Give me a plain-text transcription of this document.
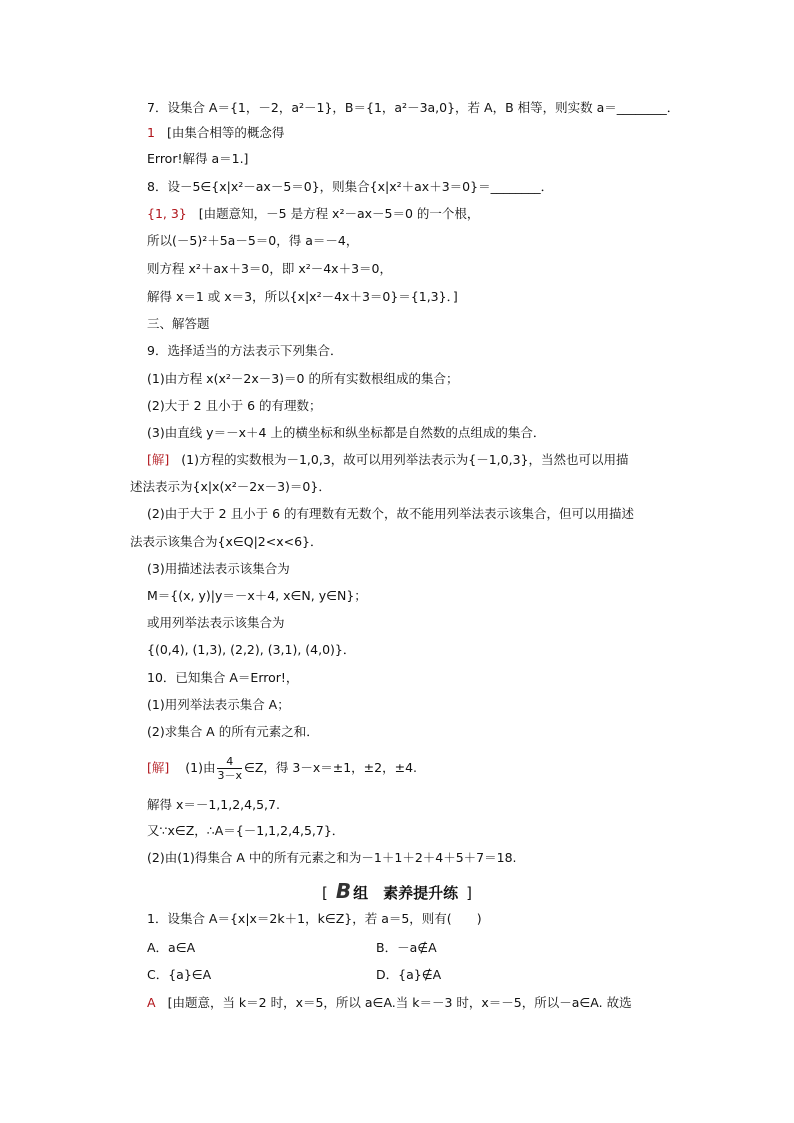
[解] (1)由 $\frac{4}{3-x}$ ∈Z，得 3－x＝±1，±2，±4.
[ B 组　素养提升练 ]
A．a∈A	B．－a∉A
C．{a}∈A	D．{a}∉A
7．设集合 A＝{1，－2，a²－1}，B＝{1，a²－3a,0}，若 A，B 相等，则实数 a＝________．
1 [由集合相等的概念得
Error!解得 a＝1.]
8．设－5∈{x|x²－ax－5＝0}，则集合{x|x²＋ax＋3＝0}＝________．
{1, 3} [由题意知，－5 是方程 x²－ax－5＝0 的一个根，
所以(－5)²＋5a－5＝0，得 a＝－4，
则方程 x²＋ax＋3＝0，即 x²－4x＋3＝0，
解得 x＝1 或 x＝3，所以{x|x²－4x＋3＝0}＝{1,3}．]
三、解答题
9．选择适当的方法表示下列集合．
(1)由方程 x(x²－2x－3)＝0 的所有实数根组成的集合；
(2)大于 2 且小于 6 的有理数；
(3)由直线 y＝－x＋4 上的横坐标和纵坐标都是自然数的点组成的集合．
[解] (1)方程的实数根为－1,0,3，故可以用列举法表示为{－1,0,3}，当然也可以用描
述法表示为{x|x(x²－2x－3)＝0}．
(2)由于大于 2 且小于 6 的有理数有无数个，故不能用列举法表示该集合，但可以用描述
法表示该集合为{x∈Q|2<x<6}．
(3)用描述法表示该集合为
M＝{(x, y)|y＝－x＋4, x∈N, y∈N}；
或用列举法表示该集合为
{(0,4), (1,3), (2,2), (3,1), (4,0)}．
10．已知集合 A＝Error!，
(1)用列举法表示集合 A；
(2)求集合 A 的所有元素之和．
解得 x＝－1,1,2,4,5,7.
又∵x∈Z，∴A＝{－1,1,2,4,5,7}．
(2)由(1)得集合 A 中的所有元素之和为－1＋1＋2＋4＋5＋7＝18.
1．设集合 A＝{x|x＝2k＋1，k∈Z}，若 a＝5，则有(　　)
A [由题意，当 k＝2 时，x＝5，所以 a∈A.当 k＝－3 时，x＝－5，所以－a∈A. 故选
